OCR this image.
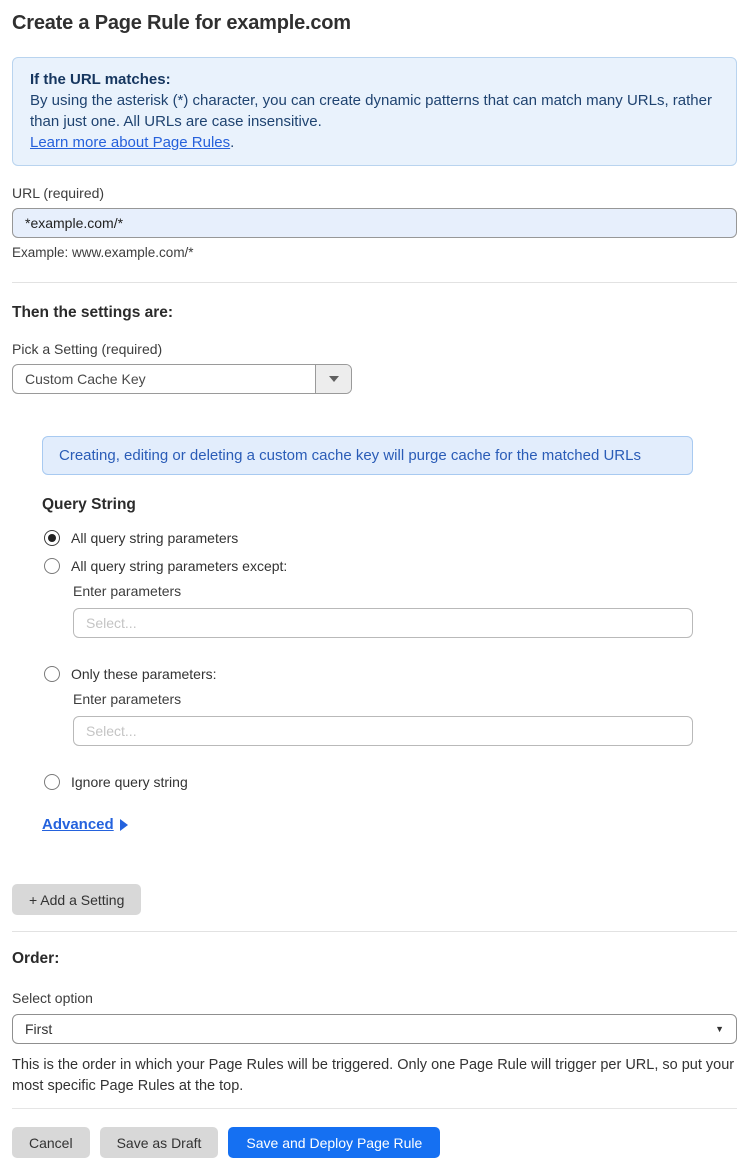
Create a Page Rule for example.com
If the URL matches:
By using the asterisk (*) character, you can create dynamic patterns that can match many URLs, rather than just one. All URLs are case insensitive.
Learn more about Page Rules.
URL (required)
*example.com/*
Example: www.example.com/*
Then the settings are:
Pick a Setting (required)
Custom Cache Key
Creating, editing or deleting a custom cache key will purge cache for the matched URLs
Query String
All query string parameters
All query string parameters except:
Enter parameters
Select...
Only these parameters:
Enter parameters
Select...
Ignore query string
Advanced
+ Add a Setting
Order:
Select option
First	▼

This is the order in which your Page Rules will be triggered. Only one Page Rule will trigger per URL, so put your most specific Page Rules at the top.

Cancel	Save as Draft	Save and Deploy Page Rule
